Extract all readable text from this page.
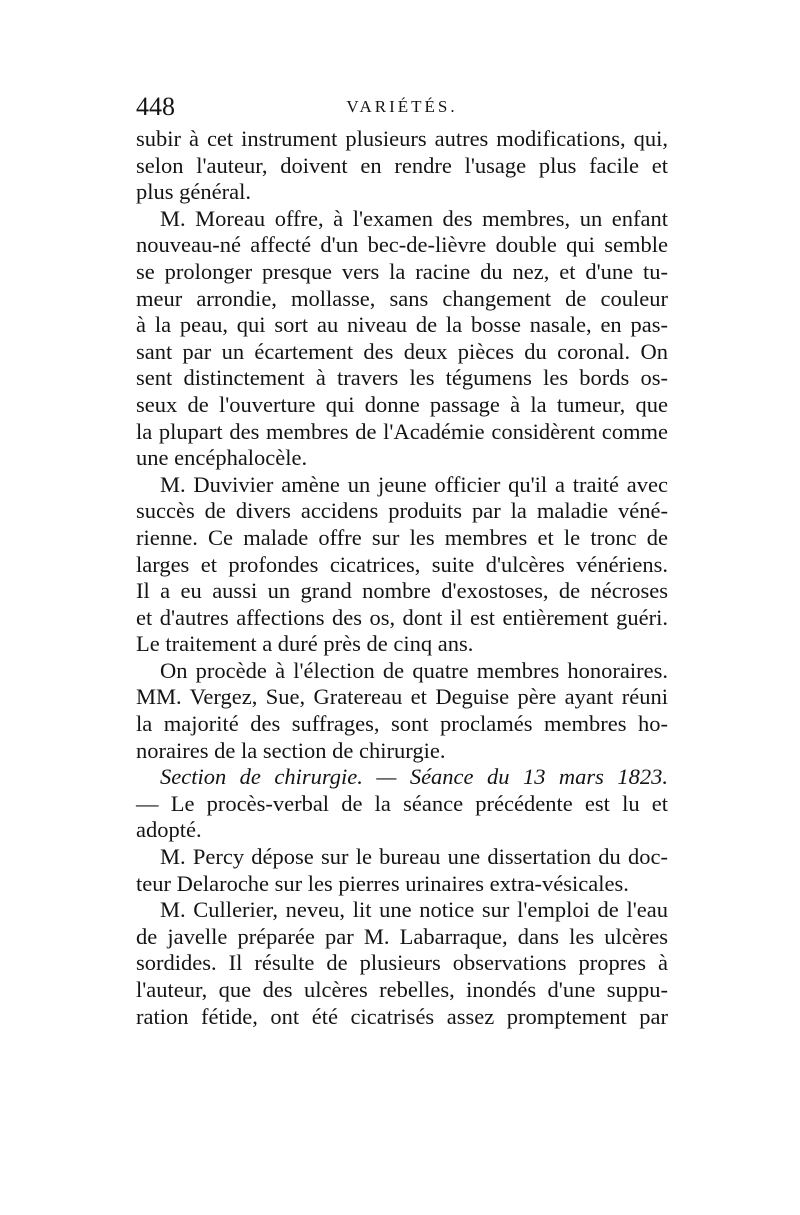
448	VARIÉTÉS.
subir à cet instrument plusieurs autres modifications, qui,
selon l'auteur, doivent en rendre l'usage plus facile et
plus général.
M. Moreau offre, à l'examen des membres, un enfant
nouveau-né affecté d'un bec-de-lièvre double qui semble
se prolonger presque vers la racine du nez, et d'une tu-
meur arrondie, mollasse, sans changement de couleur
à la peau, qui sort au niveau de la bosse nasale, en pas-
sant par un écartement des deux pièces du coronal. On
sent distinctement à travers les tégumens les bords os-
seux de l'ouverture qui donne passage à la tumeur, que
la plupart des membres de l'Académie considèrent comme
une encéphalocèle.
M. Duvivier amène un jeune officier qu'il a traité avec
succès de divers accidens produits par la maladie véné-
rienne. Ce malade offre sur les membres et le tronc de
larges et profondes cicatrices, suite d'ulcères vénériens.
Il a eu aussi un grand nombre d'exostoses, de nécroses
et d'autres affections des os, dont il est entièrement guéri.
Le traitement a duré près de cinq ans.
On procède à l'élection de quatre membres honoraires.
MM. Vergez, Sue, Gratereau et Deguise père ayant réuni
la majorité des suffrages, sont proclamés membres ho-
noraires de la section de chirurgie.
Section de chirurgie. — Séance du 13 mars 1823.
— Le procès-verbal de la séance précédente est lu et
adopté.
M. Percy dépose sur le bureau une dissertation du doc-
teur Delaroche sur les pierres urinaires extra-vésicales.
M. Cullerier, neveu, lit une notice sur l'emploi de l'eau
de javelle préparée par M. Labarraque, dans les ulcères
sordides. Il résulte de plusieurs observations propres à
l'auteur, que des ulcères rebelles, inondés d'une suppu-
ration fétide, ont été cicatrisés assez promptement par
